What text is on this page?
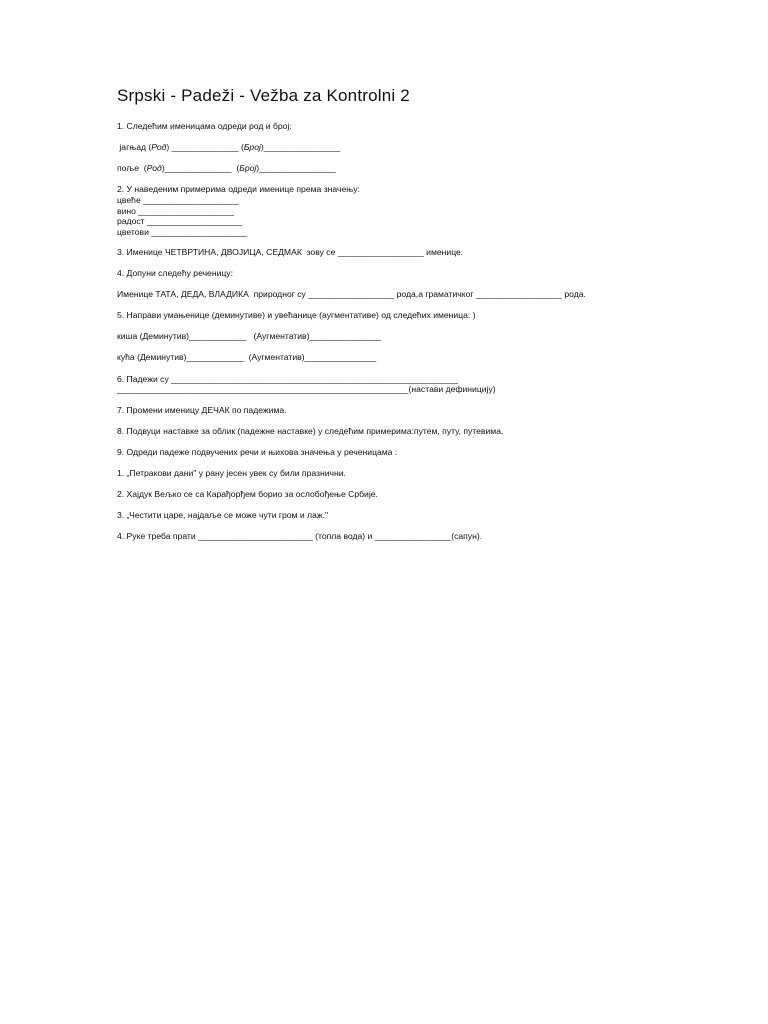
Srpski - Padeži - Vežba za Kontrolni 2
1. Следећим именицама одреди род и број:
јагњад (Род) ______________ (Број)________________
поље  (Род)______________  (Број)________________
2. У наведеним примерима одреди именице према значењу:
цвеће ____________________
вино ____________________
радост ____________________
цветови ____________________
3. Именице ЧЕТВРТИНА, ДВОЈИЦА, СЕДМАК  зову се __________________ именице.
4. Допуни следећу реченицу:
Именице ТАТА, ДЕДА, ВЛАДИКА  природног су __________________ рода,а граматичког __________________ рода.
5. Направи умањенице (деминутиве) и увећанице (аугментативе) од следећих именица: )
киша (Деминутив)____________   (Аугментатив)_______________
кућа (Деминутив)____________  (Аугментатив)_______________
6. Падежи су ____________________________________________________________
_____________________________________________________________(настави дефиницију)
7. Промени именицу ДЕЧАК по падежима.
8. Подвуци наставке за облик (падежне наставке) у следећим примерима:путем, путу, путевима.
9. Одреди падеже подвучених речи и њихова значења у реченицама :
1. „Петракови дани" у рану јесен увек су били празнични.
2. Хајдук Вељко се са Карађорђем борио за ослобођење Србије.
3. „Честити царе, најдаље се може чути гром и лаж."
4. Руке треба прати ________________________ (топла вода) и ________________(сапун).
